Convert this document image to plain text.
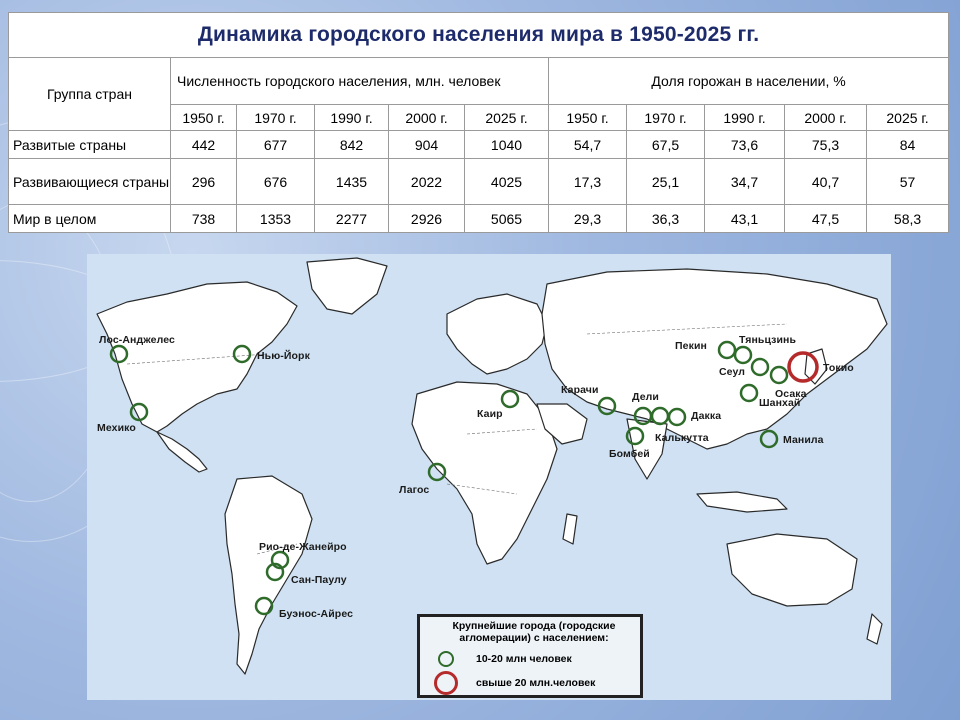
Динамика городского населения мира в 1950-2025 гг.										
Группа стран	Численность городского населения, млн. человек					Доля горожан в населении, %				
	1950 г.	1970 г.	1990 г.	2000 г.	2025 г.	1950 г.	1970 г.	1990 г.	2000 г.	2025 г.
Развитые страны	442	677	842	904	1040	54,7	67,5	73,6	75,3	84
Развивающиеся страны	296	676	1435	2022	4025	17,3	25,1	34,7	40,7	57
Мир в целом	738	1353	2277	2926	5065	29,3	36,3	43,1	47,5	58,3
Лос-Анджелес
Нью-Йорк
Мехико
Рио-де-Жанейро
Сан-Паулу
Буэнос-Айрес
Лагос
Каир
Карачи
Дели
Бомбей
Дакка
Калькутта
Пекин	Тяньцзинь
Сеул	Токио
Осака
Шанхай
Манила
Крупнейшие города (городские агломерации) с населением:
10-20 млн человек
свыше 20 млн.человек
